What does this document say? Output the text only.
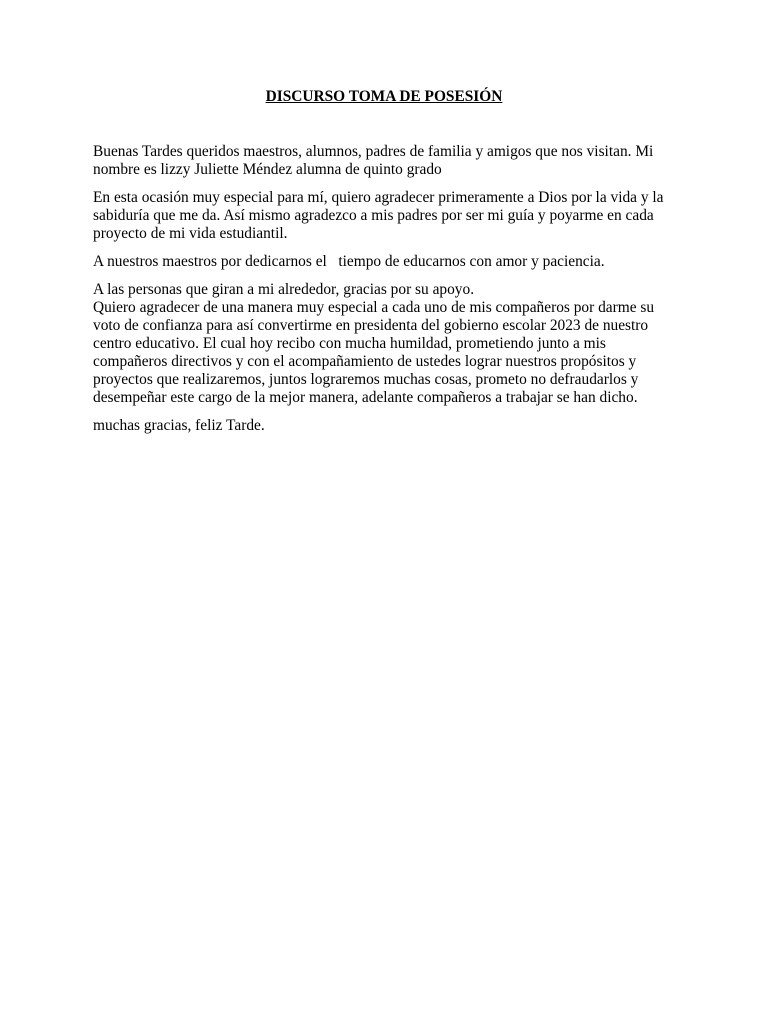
DISCURSO TOMA DE POSESIÓN

Buenas Tardes queridos maestros, alumnos, padres de familia y amigos que nos visitan. Mi
nombre es lizzy Juliette Méndez alumna de quinto grado

En esta ocasión muy especial para mí, quiero agradecer primeramente a Dios por la vida y la
sabiduría que me da. Así mismo agradezco a mis padres por ser mi guía y poyarme en cada
proyecto de mi vida estudiantil.

A nuestros maestros por dedicarnos el   tiempo de educarnos con amor y paciencia.

A las personas que giran a mi alrededor, gracias por su apoyo.

Quiero agradecer de una manera muy especial a cada uno de mis compañeros por darme su
voto de confianza para así convertirme en presidenta del gobierno escolar 2023 de nuestro
centro educativo. El cual hoy recibo con mucha humildad, prometiendo junto a mis
compañeros directivos y con el acompañamiento de ustedes lograr nuestros propósitos y
proyectos que realizaremos, juntos lograremos muchas cosas, prometo no defraudarlos y
desempeñar este cargo de la mejor manera, adelante compañeros a trabajar se han dicho.

muchas gracias, feliz Tarde.
